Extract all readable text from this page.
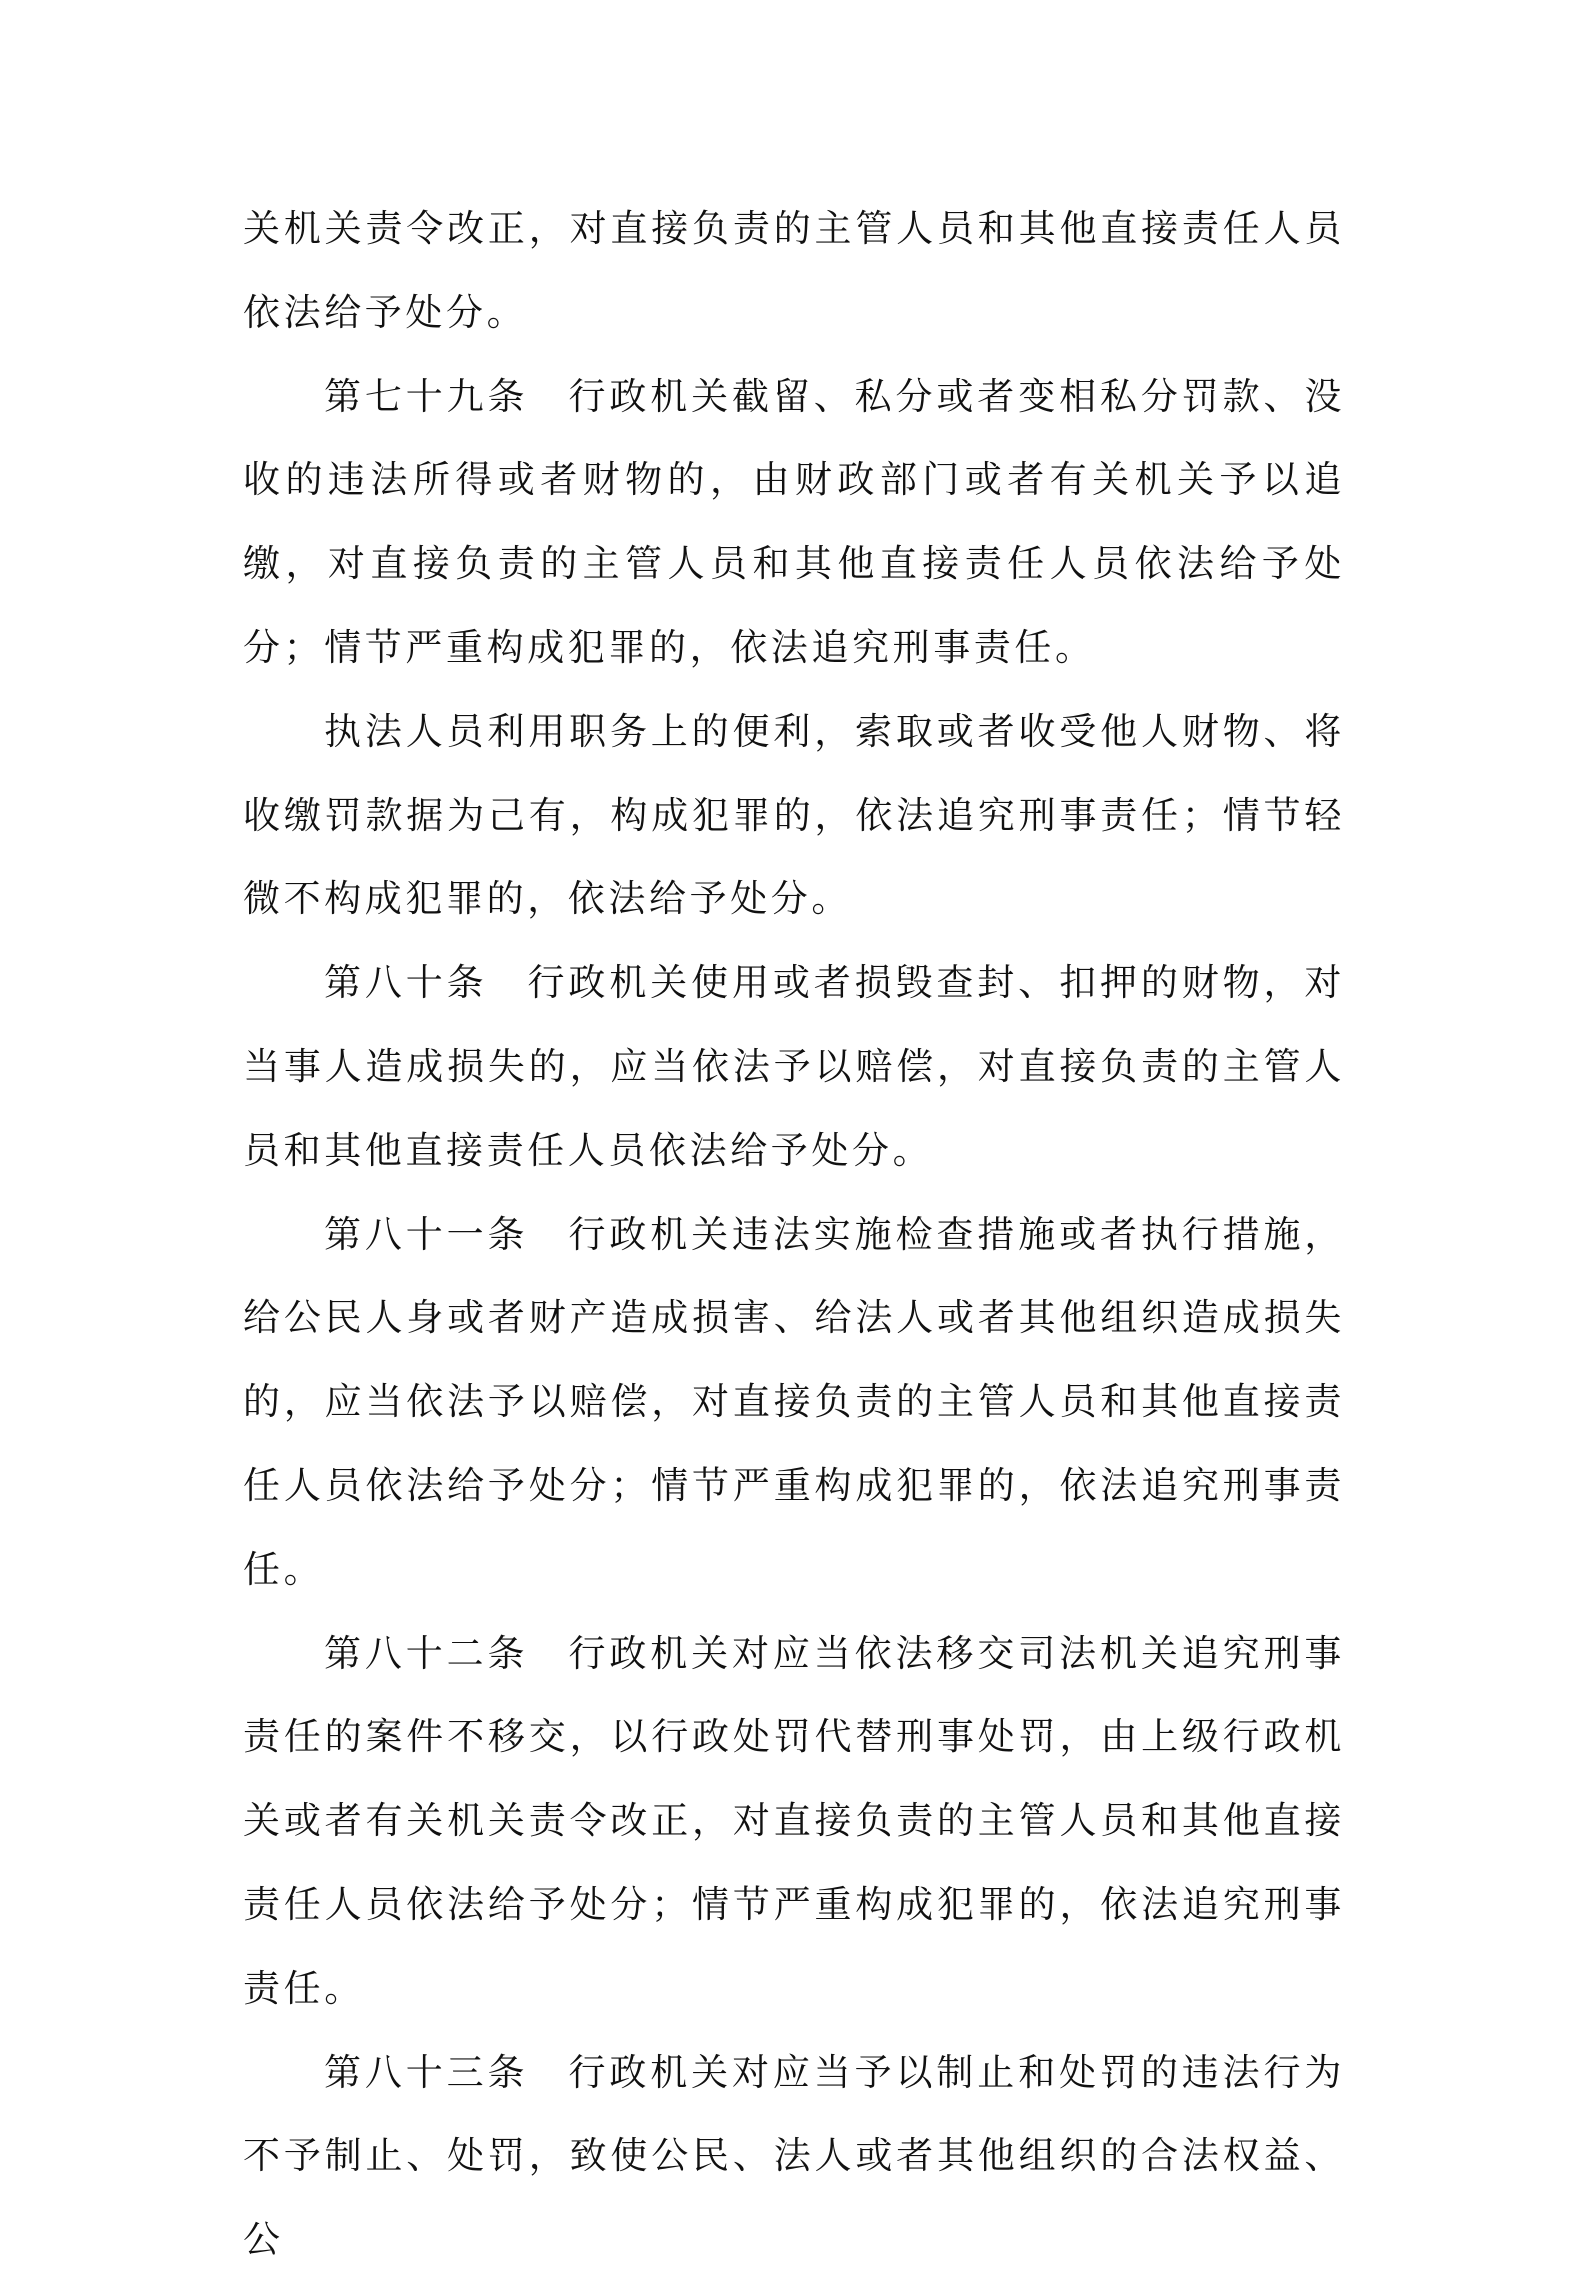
关机关责令改正，对直接负责的主管人员和其他直接责任人员依法给予处分。

第七十九条 行政机关截留、私分或者变相私分罚款、没收的违法所得或者财物的，由财政部门或者有关机关予以追缴，对直接负责的主管人员和其他直接责任人员依法给予处分；情节严重构成犯罪的，依法追究刑事责任。

执法人员利用职务上的便利，索取或者收受他人财物、将收缴罚款据为己有，构成犯罪的，依法追究刑事责任；情节轻微不构成犯罪的，依法给予处分。

第八十条 行政机关使用或者损毁查封、扣押的财物，对当事人造成损失的，应当依法予以赔偿，对直接负责的主管人员和其他直接责任人员依法给予处分。

第八十一条 行政机关违法实施检查措施或者执行措施，给公民人身或者财产造成损害、给法人或者其他组织造成损失的，应当依法予以赔偿，对直接负责的主管人员和其他直接责任人员依法给予处分；情节严重构成犯罪的，依法追究刑事责任。

第八十二条 行政机关对应当依法移交司法机关追究刑事责任的案件不移交，以行政处罚代替刑事处罚，由上级行政机关或者有关机关责令改正，对直接负责的主管人员和其他直接责任人员依法给予处分；情节严重构成犯罪的，依法追究刑事责任。

第八十三条 行政机关对应当予以制止和处罚的违法行为不予制止、处罚，致使公民、法人或者其他组织的合法权益、公
